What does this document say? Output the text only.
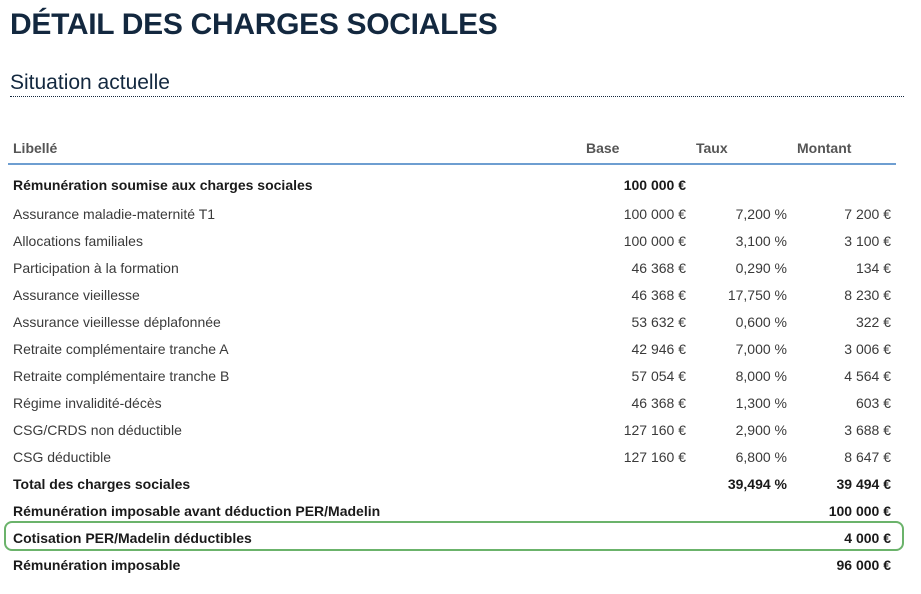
DÉTAIL DES CHARGES SOCIALES
Situation actuelle
Libellé	Base	Taux	Montant
Rémunération soumise aux charges sociales	100 000 €		
Assurance maladie-maternité T1	100 000 €	7,200 %	7 200 €
Allocations familiales	100 000 €	3,100 %	3 100 €
Participation à la formation	46 368 €	0,290 %	134 €
Assurance vieillesse	46 368 €	17,750 %	8 230 €
Assurance vieillesse déplafonnée	53 632 €	0,600 %	322 €
Retraite complémentaire tranche A	42 946 €	7,000 %	3 006 €
Retraite complémentaire tranche B	57 054 €	8,000 %	4 564 €
Régime invalidité-décès	46 368 €	1,300 %	603 €
CSG/CRDS non déductible	127 160 €	2,900 %	3 688 €
CSG déductible	127 160 €	6,800 %	8 647 €
Total des charges sociales		39,494 %	39 494 €
Rémunération imposable avant déduction PER/Madelin			100 000 €
Cotisation PER/Madelin déductibles			4 000 €
Rémunération imposable			96 000 €
